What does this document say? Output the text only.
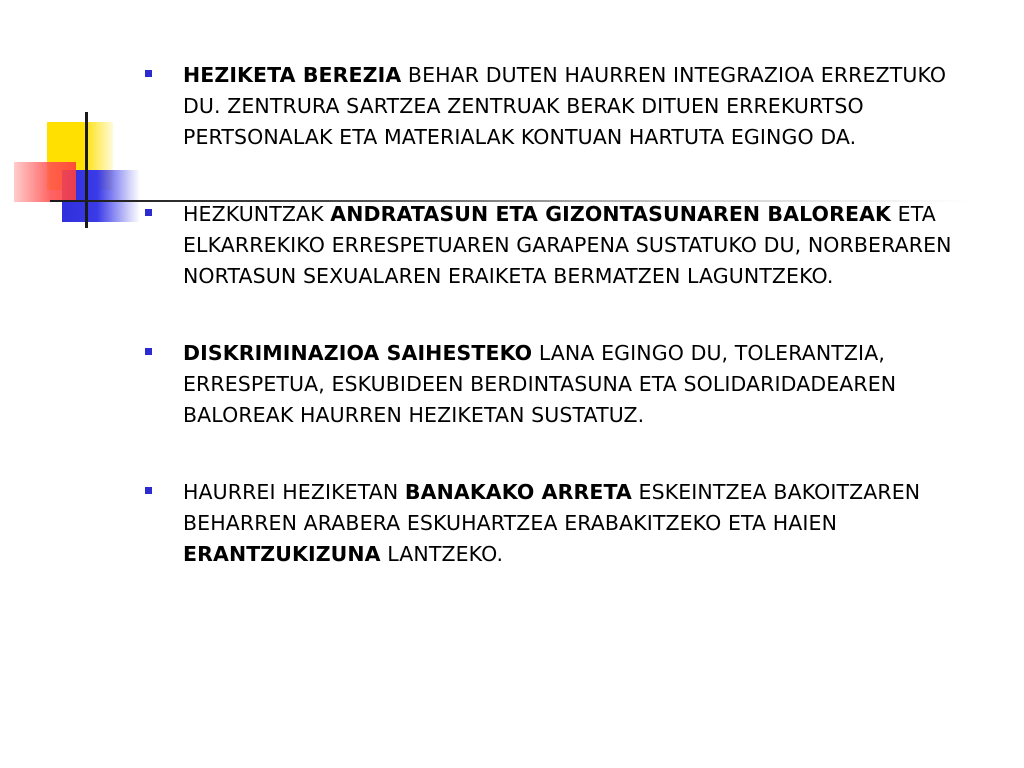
HEZIKETA BEREZIA BEHAR DUTEN HAURREN INTEGRAZIOA ERREZTUKO DU. ZENTRURA SARTZEA ZENTRUAK BERAK DITUEN ERREKURTSO PERTSONALAK ETA MATERIALAK KONTUAN HARTUTA EGINGO DA.
HEZKUNTZAK ANDRATASUN ETA GIZONTASUNAREN BALOREAK ETA ELKARREKIKO ERRESPETUAREN GARAPENA SUSTATUKO DU, NORBERAREN NORTASUN SEXUALAREN ERAIKETA BERMATZEN LAGUNTZEKO.
DISKRIMINAZIOA SAIHESTEKO LANA EGINGO DU, TOLERANTZIA, ERRESPETUA, ESKUBIDEEN BERDINTASUNA ETA SOLIDARIDADEAREN BALOREAK HAURREN HEZIKETAN SUSTATUZ.
HAURREI HEZIKETAN BANAKAKO ARRETA ESKEINTZEA BAKOITZAREN BEHARREN ARABERA ESKUHARTZEA ERABAKITZEKO ETA HAIEN ERANTZUKIZUNA LANTZEKO.
